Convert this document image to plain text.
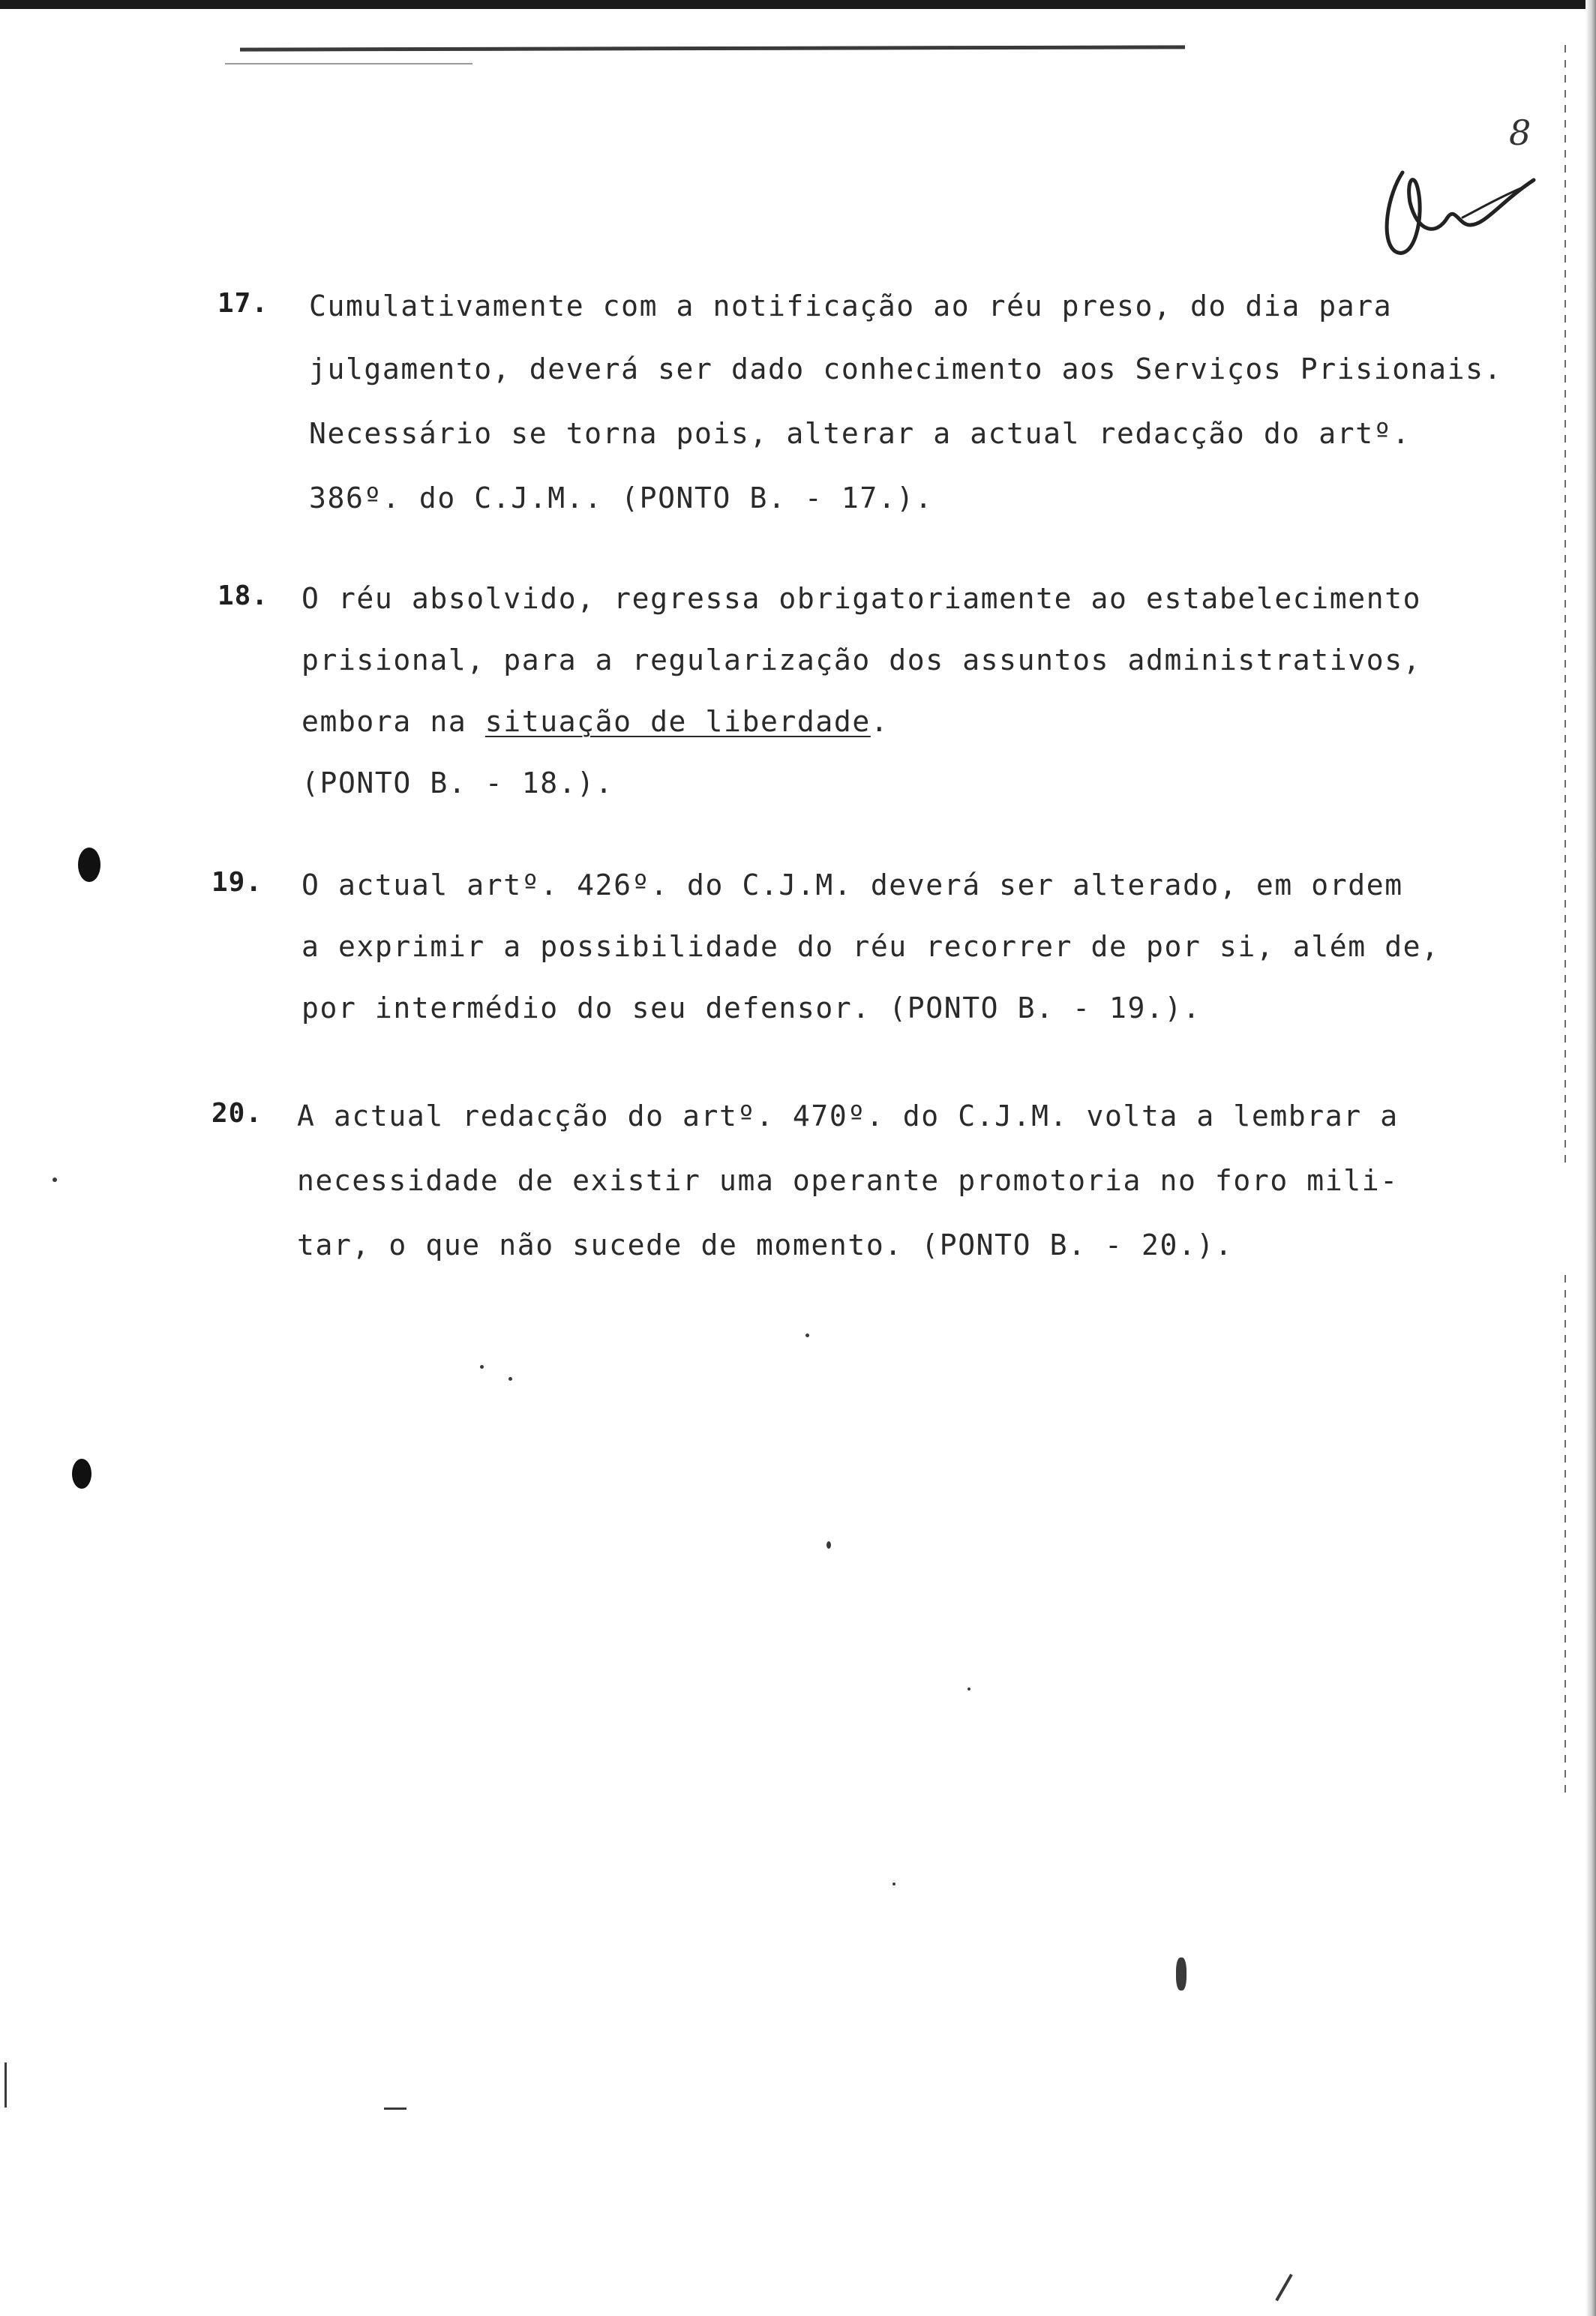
8
17.	Cumulativamente com a notificação ao réu preso, do dia para
julgamento, deverá ser dado conhecimento aos Serviços Prisionais.
Necessário se torna pois, alterar a actual redacção do artº.
386º. do C.J.M.. (PONTO B. - 17.).
18.	O réu absolvido, regressa obrigatoriamente ao estabelecimento
prisional, para a regularização dos assuntos administrativos,
embora na situação de liberdade.
(PONTO B. - 18.).
19.	O actual artº. 426º. do C.J.M. deverá ser alterado, em ordem
a exprimir a possibilidade do réu recorrer de por si, além de,
por intermédio do seu defensor. (PONTO B. - 19.).
20.	A actual redacção do artº. 470º. do C.J.M. volta a lembrar a
necessidade de existir uma operante promotoria no foro mili-
tar, o que não sucede de momento. (PONTO B. - 20.).
